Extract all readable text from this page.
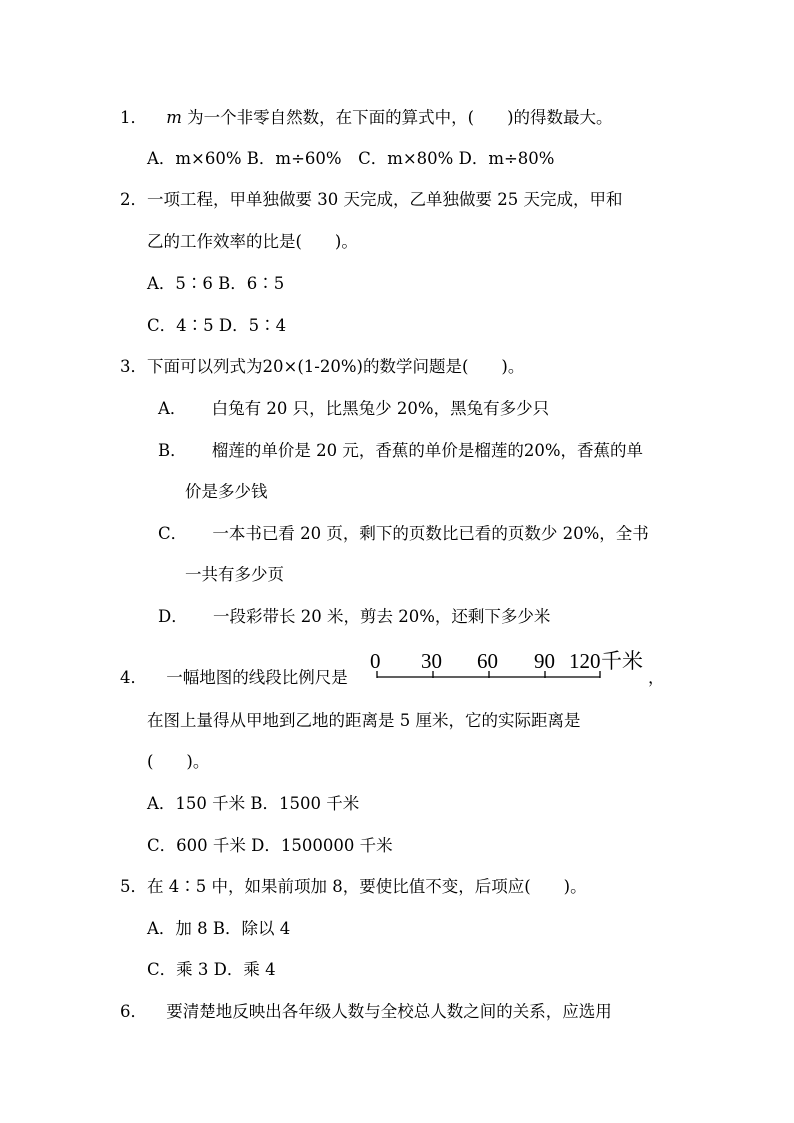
1． m 为一个非零自然数，在下面的算式中，(　　)的得数最大。
A．m×60% B．m÷60%　C．m×80% D．m÷80%
2．一项工程，甲单独做要 30 天完成，乙单独做要 25 天完成，甲和
乙的工作效率的比是(　　)。
A．5∶6 B．6∶5
C．4∶5 D．5∶4
3．下面可以列式为20×(1-20%)的数学问题是(　　)。
A． 白兔有 20 只，比黑兔少 20%，黑兔有多少只
B． 榴莲的单价是 20 元，香蕉的单价是榴莲的20%，香蕉的单
价是多少钱
C． 一本书已看 20 页，剩下的页数比已看的页数少 20%，全书
一共有多少页
D． 一段彩带长 20 米，剪去 20%，还剩下多少米
4． 一幅地图的线段比例尺是
0 30 60 90 120 千米
，
在图上量得从甲地到乙地的距离是 5 厘米，它的实际距离是
(　　)。
A．150 千米 B．1500 千米
C．600 千米 D．1500000 千米
5．在 4∶5 中，如果前项加 8，要使比值不变，后项应(　　)。
A．加 8 B．除以 4
C．乘 3 D．乘 4
6． 要清楚地反映出各年级人数与全校总人数之间的关系，应选用
